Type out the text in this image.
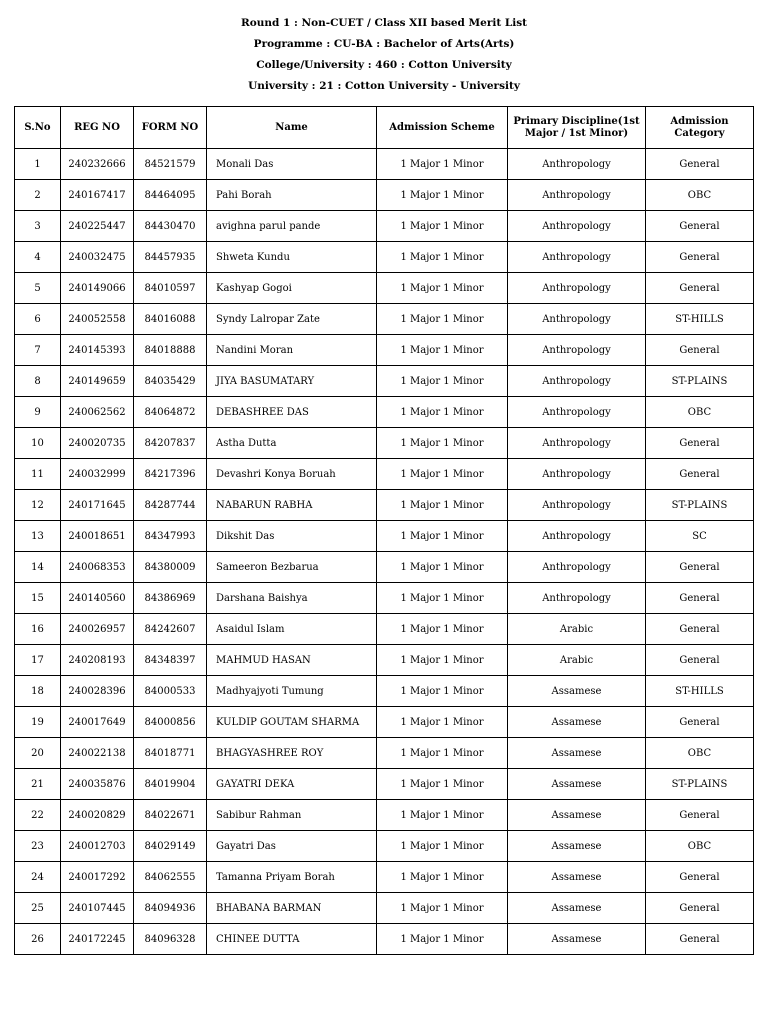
Round 1 : Non-CUET / Class XII based Merit List
Programme : CU-BA : Bachelor of Arts(Arts)
College/University : 460 : Cotton University
University : 21 : Cotton University - University
S.No	REG NO	FORM NO	Name	Admission Scheme	Primary Discipline(1st Major / 1st Minor)	Admission Category
1	240232666	84521579	Monali Das	1 Major 1 Minor	Anthropology	General
2	240167417	84464095	Pahi Borah	1 Major 1 Minor	Anthropology	OBC
3	240225447	84430470	avighna parul pande	1 Major 1 Minor	Anthropology	General
4	240032475	84457935	Shweta Kundu	1 Major 1 Minor	Anthropology	General
5	240149066	84010597	Kashyap Gogoi	1 Major 1 Minor	Anthropology	General
6	240052558	84016088	Syndy Lalropar Zate	1 Major 1 Minor	Anthropology	ST-HILLS
7	240145393	84018888	Nandini Moran	1 Major 1 Minor	Anthropology	General
8	240149659	84035429	JIYA BASUMATARY	1 Major 1 Minor	Anthropology	ST-PLAINS
9	240062562	84064872	DEBASHREE DAS	1 Major 1 Minor	Anthropology	OBC
10	240020735	84207837	Astha Dutta	1 Major 1 Minor	Anthropology	General
11	240032999	84217396	Devashri Konya Boruah	1 Major 1 Minor	Anthropology	General
12	240171645	84287744	NABARUN RABHA	1 Major 1 Minor	Anthropology	ST-PLAINS
13	240018651	84347993	Dikshit Das	1 Major 1 Minor	Anthropology	SC
14	240068353	84380009	Sameeron Bezbarua	1 Major 1 Minor	Anthropology	General
15	240140560	84386969	Darshana Baishya	1 Major 1 Minor	Anthropology	General
16	240026957	84242607	Asaidul Islam	1 Major 1 Minor	Arabic	General
17	240208193	84348397	MAHMUD HASAN	1 Major 1 Minor	Arabic	General
18	240028396	84000533	Madhyajyoti Tumung	1 Major 1 Minor	Assamese	ST-HILLS
19	240017649	84000856	KULDIP GOUTAM SHARMA	1 Major 1 Minor	Assamese	General
20	240022138	84018771	BHAGYASHREE ROY	1 Major 1 Minor	Assamese	OBC
21	240035876	84019904	GAYATRI DEKA	1 Major 1 Minor	Assamese	ST-PLAINS
22	240020829	84022671	Sabibur Rahman	1 Major 1 Minor	Assamese	General
23	240012703	84029149	Gayatri Das	1 Major 1 Minor	Assamese	OBC
24	240017292	84062555	Tamanna Priyam Borah	1 Major 1 Minor	Assamese	General
25	240107445	84094936	BHABANA BARMAN	1 Major 1 Minor	Assamese	General
26	240172245	84096328	CHINEE DUTTA	1 Major 1 Minor	Assamese	General
